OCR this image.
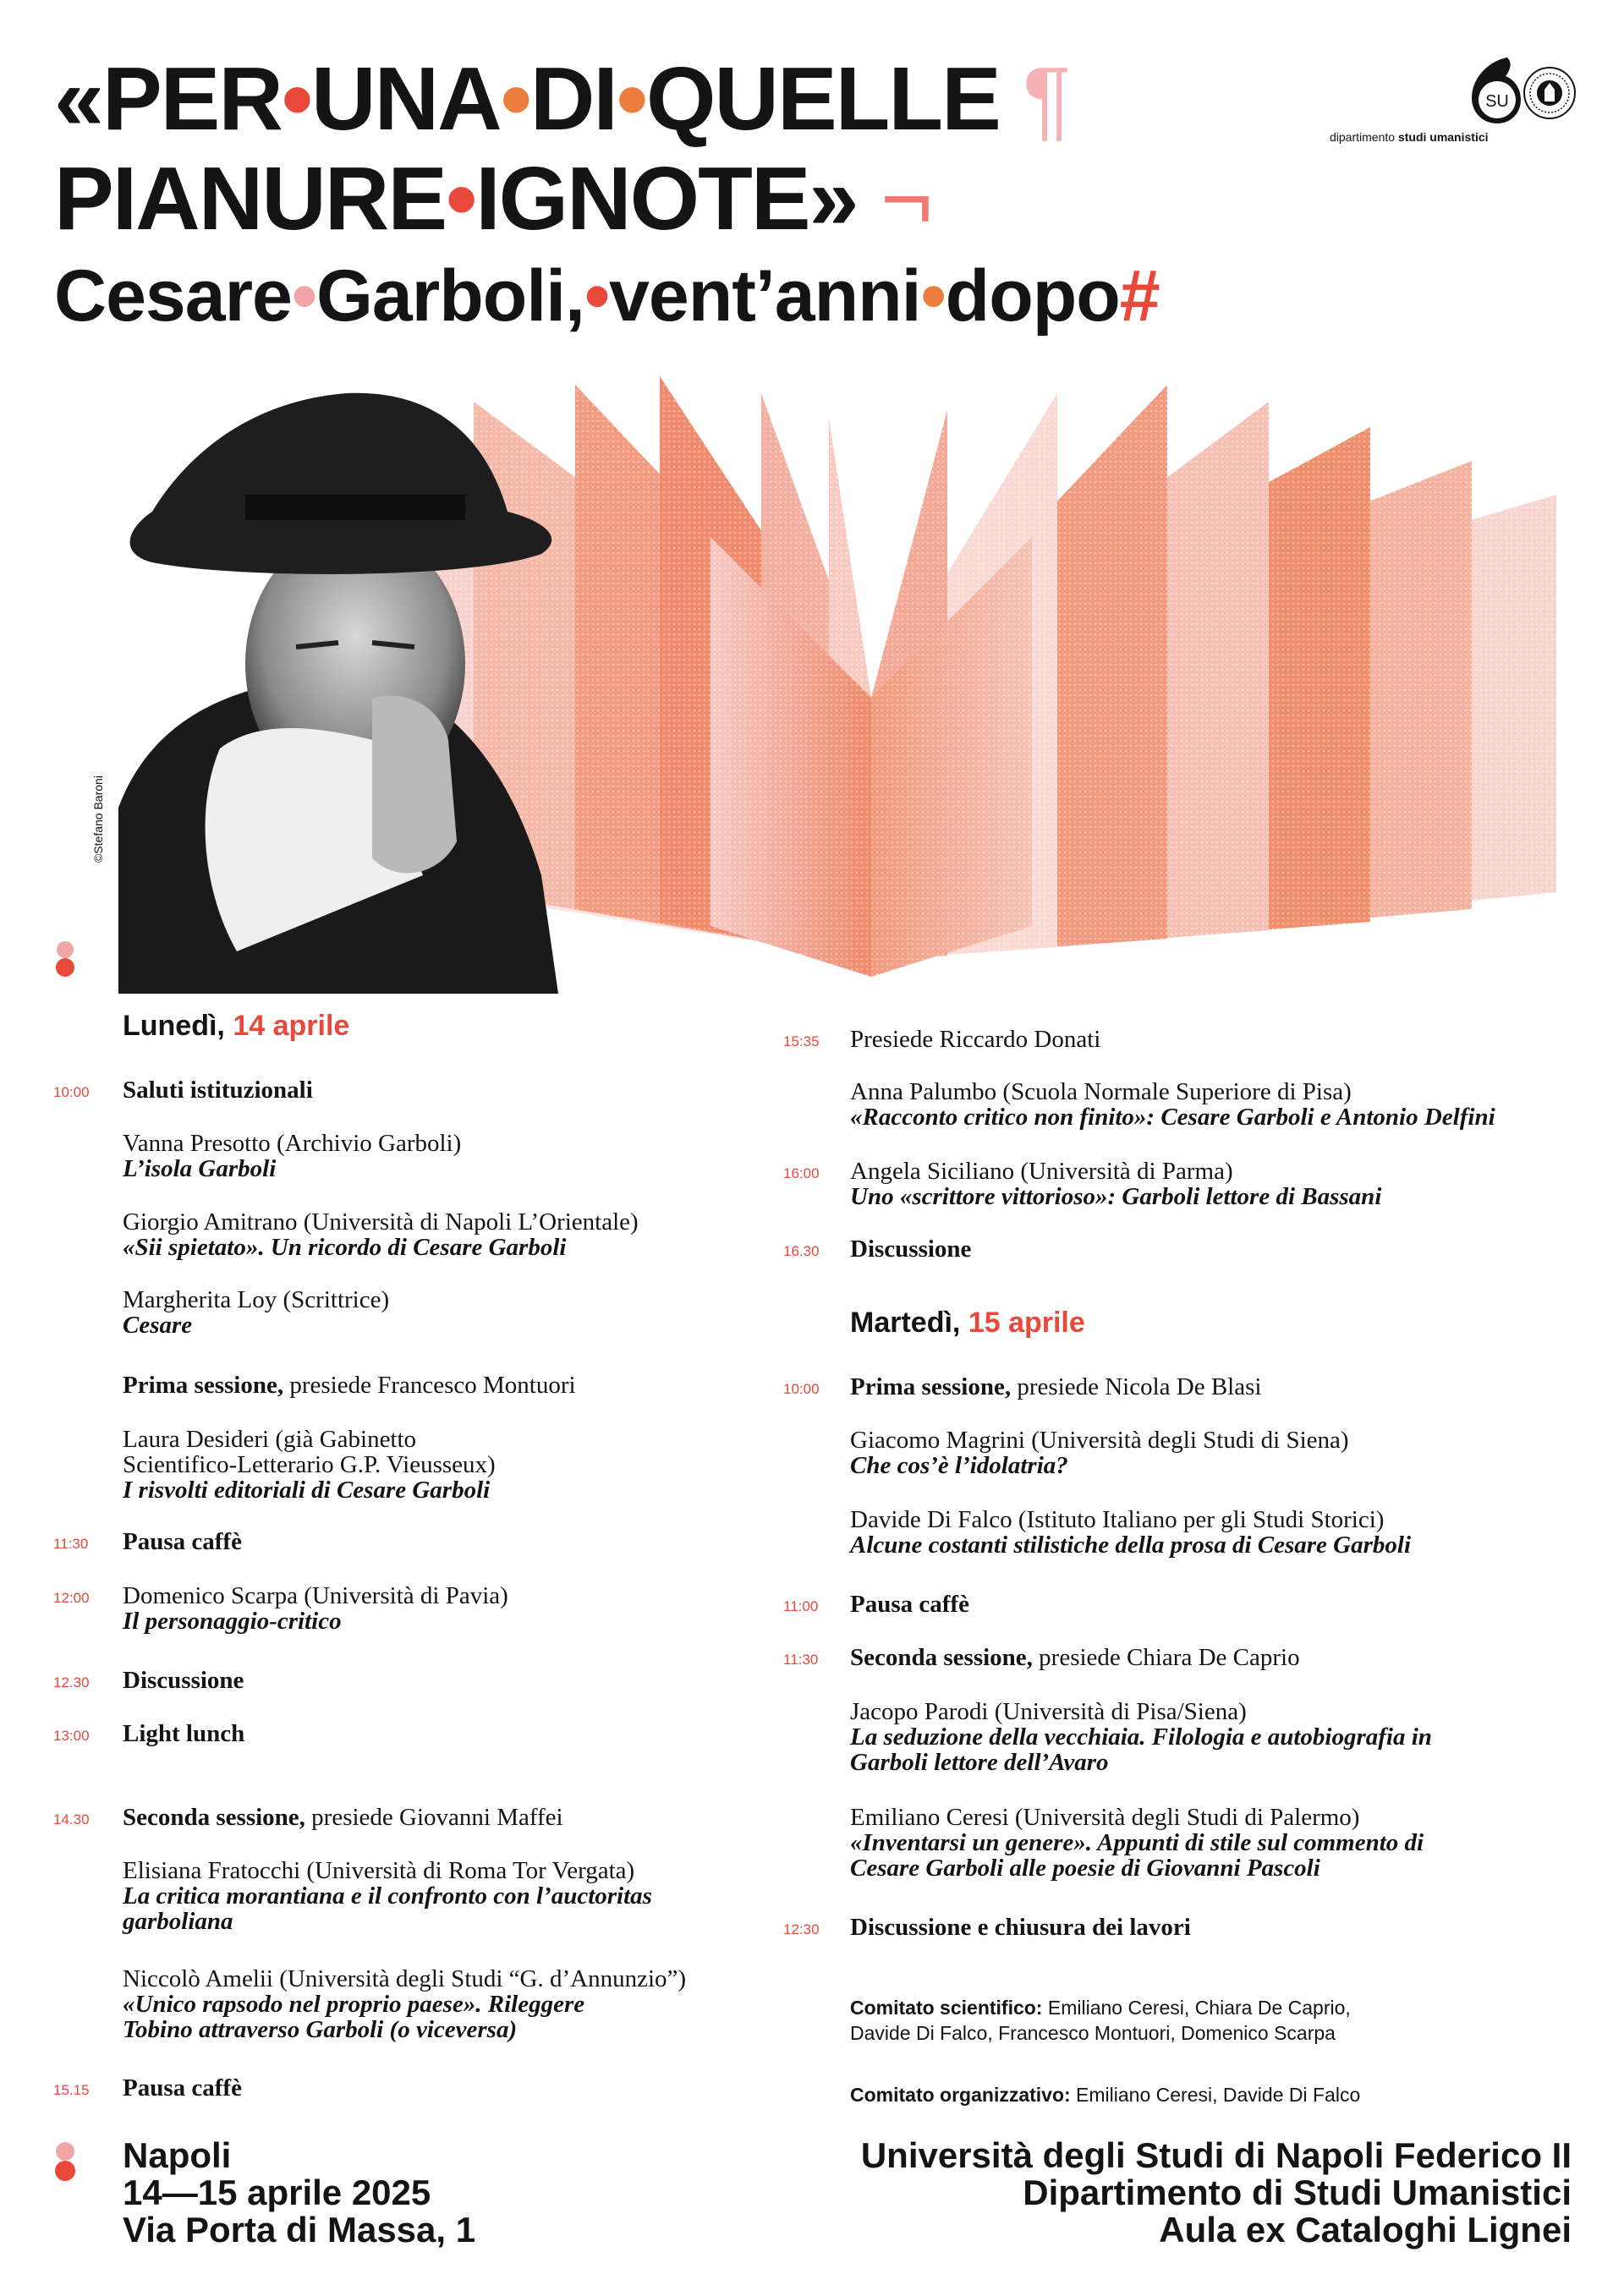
«PER•UNA•DI•QUELLE ¶
PIANURE•IGNOTE» ¬
Cesare•Garboli,•vent’anni•dopo#
SU
dipartimento studi umanistici
©Stefano Baroni
Lunedì, 14 aprile
10:00	Saluti istituzionali
Vanna Presotto (Archivio Garboli)
L’isola Garboli
Giorgio Amitrano (Università di Napoli L’Orientale)
«Sii spietato». Un ricordo di Cesare Garboli
Margherita Loy (Scrittrice)
Cesare
Prima sessione, presiede Francesco Montuori
Laura Desideri (già Gabinetto
Scientifico-Letterario G.P. Vieusseux)
I risvolti editoriali di Cesare Garboli
11:30	Pausa caffè
12:00	Domenico Scarpa (Università di Pavia)
Il personaggio-critico
12.30	Discussione
13:00	Light lunch
14.30	Seconda sessione, presiede Giovanni Maffei
Elisiana Fratocchi (Università di Roma Tor Vergata)
La critica morantiana e il confronto con l’auctoritas
garboliana
Niccolò Amelii (Università degli Studi “G. d’Annunzio”)
«Unico rapsodo nel proprio paese». Rileggere
Tobino attraverso Garboli (o viceversa)
15.15	Pausa caffè
15:35	Presiede Riccardo Donati
Anna Palumbo (Scuola Normale Superiore di Pisa)
«Racconto critico non finito»: Cesare Garboli e Antonio Delfini
16:00	Angela Siciliano (Università di Parma)
Uno «scrittore vittorioso»: Garboli lettore di Bassani
16.30	Discussione
Martedì, 15 aprile
10:00	Prima sessione, presiede Nicola De Blasi
Giacomo Magrini (Università degli Studi di Siena)
Che cos’è l’idolatria?
Davide Di Falco (Istituto Italiano per gli Studi Storici)
Alcune costanti stilistiche della prosa di Cesare Garboli
11:00	Pausa caffè
11:30	Seconda sessione, presiede Chiara De Caprio
Jacopo Parodi (Università di Pisa/Siena)
La seduzione della vecchiaia. Filologia e autobiografia in
Garboli lettore dell’Avaro
Emiliano Ceresi (Università degli Studi di Palermo)
«Inventarsi un genere». Appunti di stile sul commento di
Cesare Garboli alle poesie di Giovanni Pascoli
12:30	Discussione e chiusura dei lavori
Comitato scientifico: Emiliano Ceresi, Chiara De Caprio,
Davide Di Falco, Francesco Montuori, Domenico Scarpa
Comitato organizzativo: Emiliano Ceresi, Davide Di Falco
Napoli
14—15 aprile 2025
Via Porta di Massa, 1
Università degli Studi di Napoli Federico II
Dipartimento di Studi Umanistici
Aula ex Cataloghi Lignei
